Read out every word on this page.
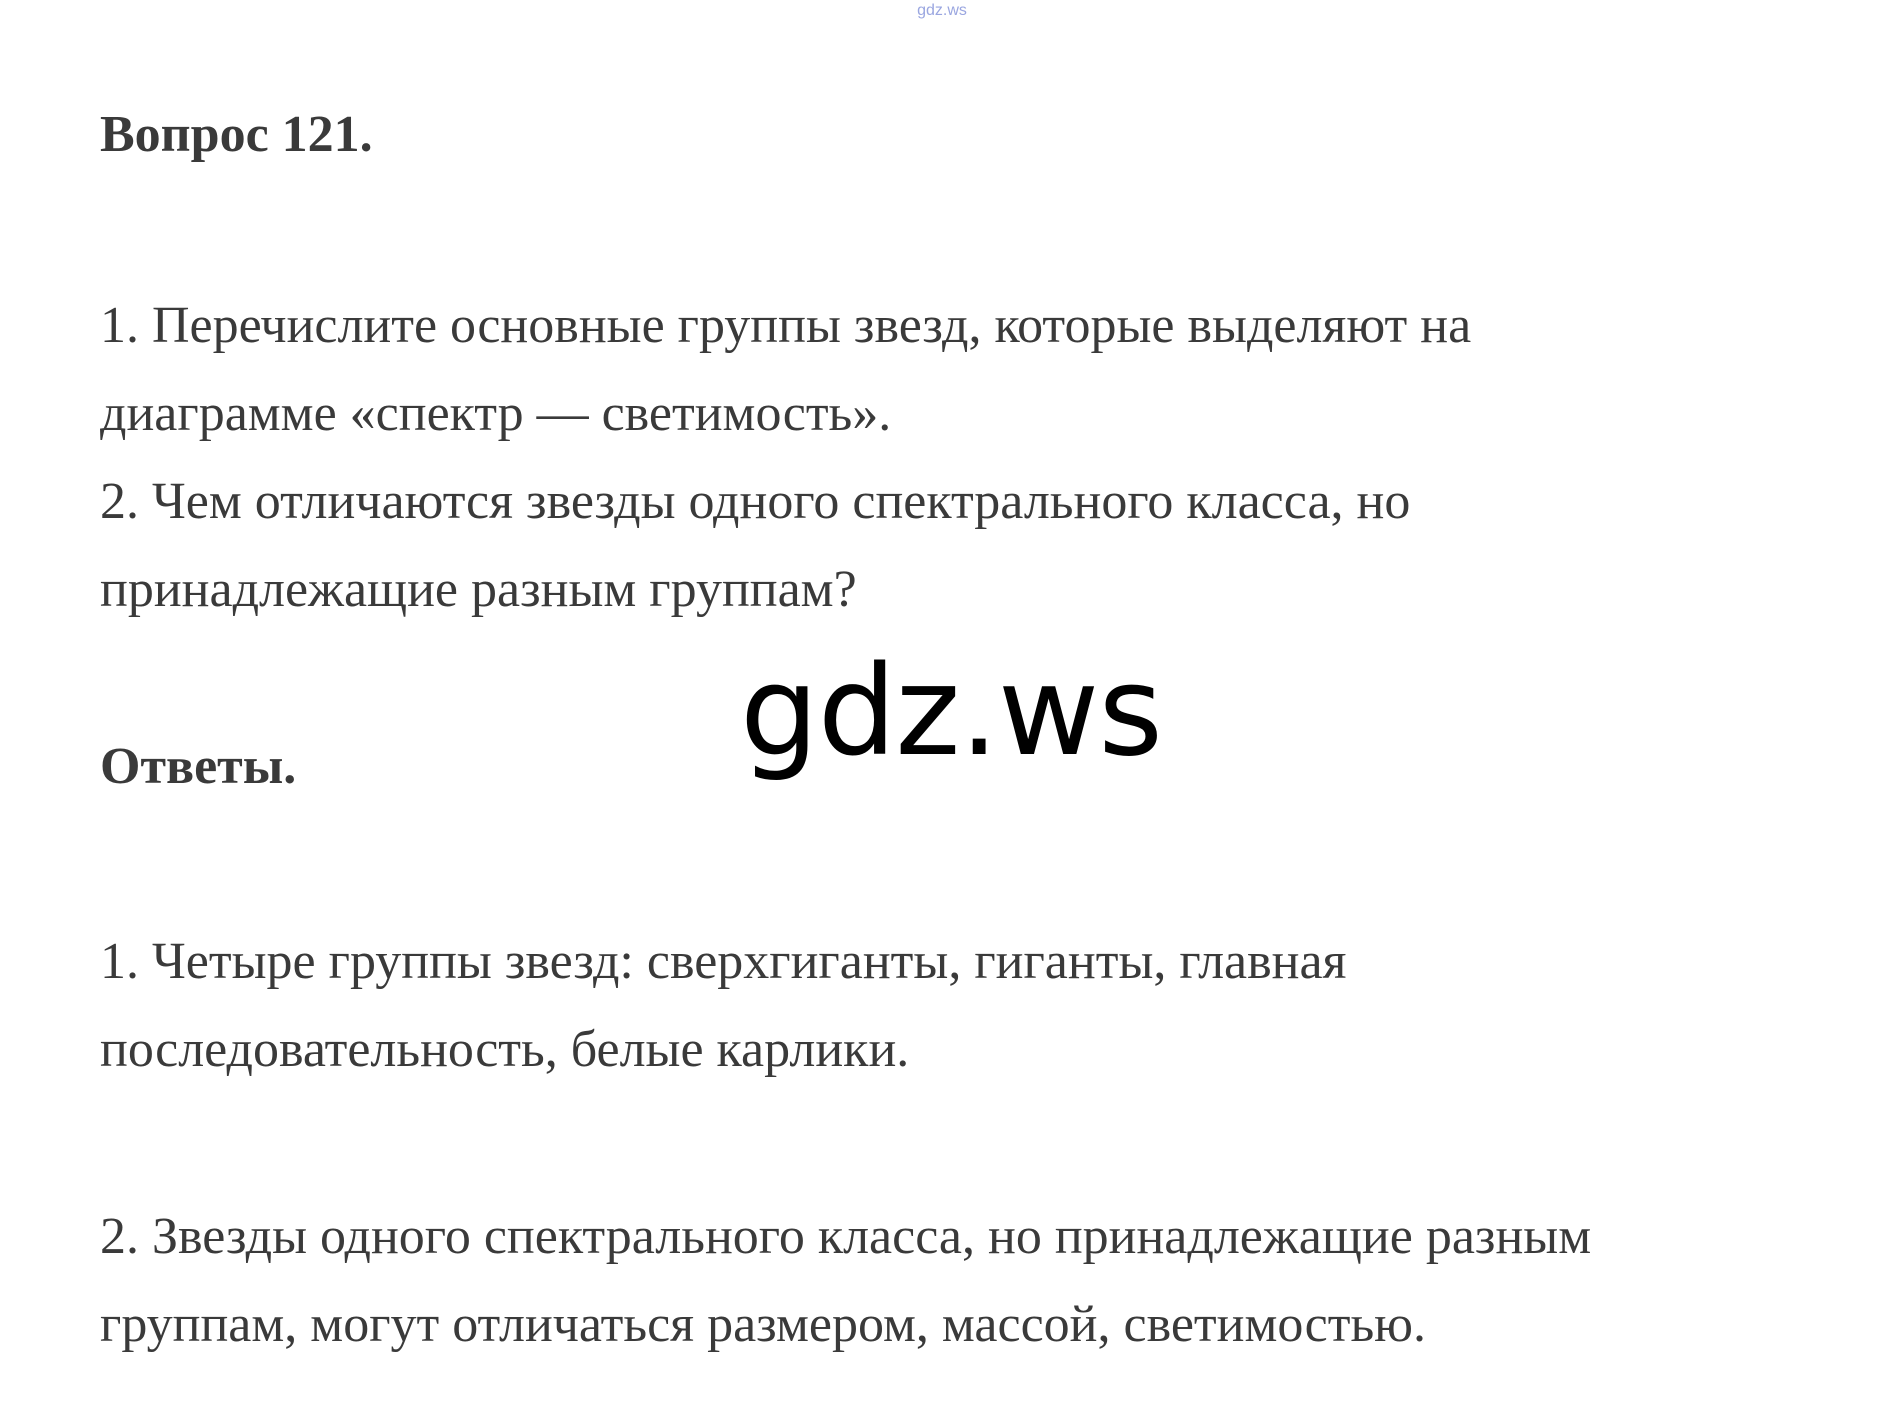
gdz.ws
Вопрос 121.

1. Перечислите основные группы звезд, которые выделяют на
диаграмме «спектр — светимость».
2. Чем отличаются звезды одного спектрального класса, но
принадлежащие разным группам?

gdz.ws
Ответы.

1. Четыре группы звезд: сверхгиганты, гиганты, главная
последовательность, белые карлики.

2. Звезды одного спектрального класса, но принадлежащие разным
группам, могут отличаться размером, массой, светимостью.
